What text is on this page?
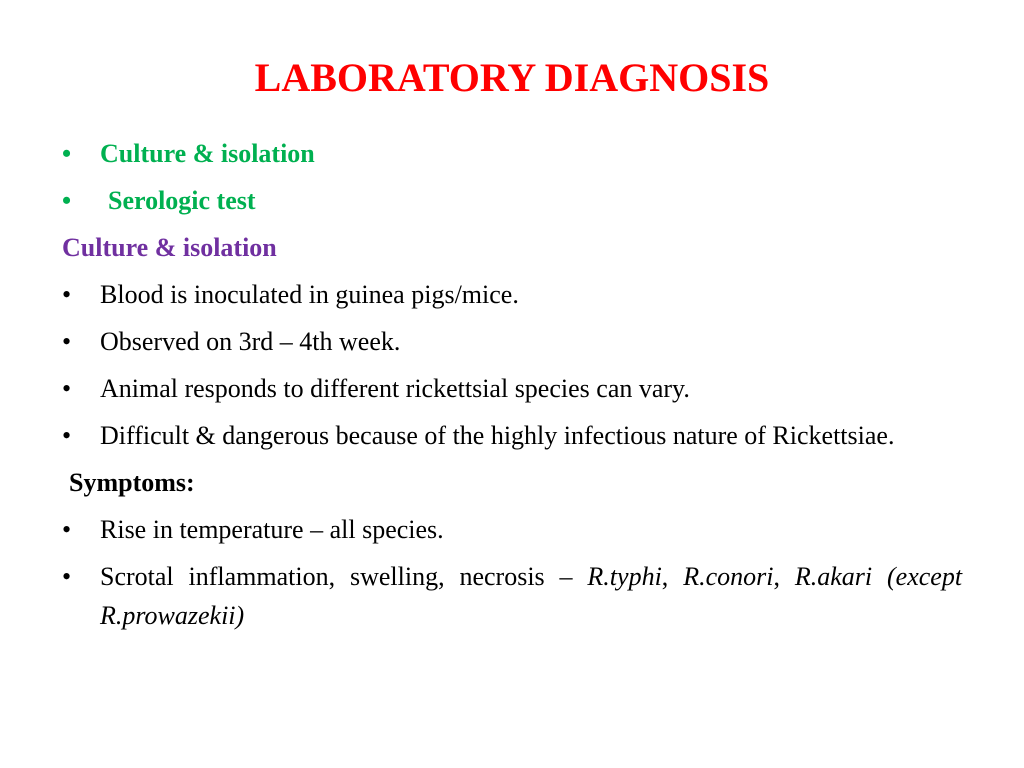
LABORATORY DIAGNOSIS
•	Culture & isolation
•	Serologic test
Culture & isolation
•	Blood is inoculated in guinea pigs/mice.
•	Observed on 3rd – 4th week.
•	Animal responds to different rickettsial species can vary.
•	Difficult & dangerous because of the highly infectious nature of Rickettsiae.
Symptoms:
•	Rise in temperature – all species.
•	Scrotal inflammation, swelling, necrosis – R.typhi, R.conori, R.akari (except R.prowazekii)
